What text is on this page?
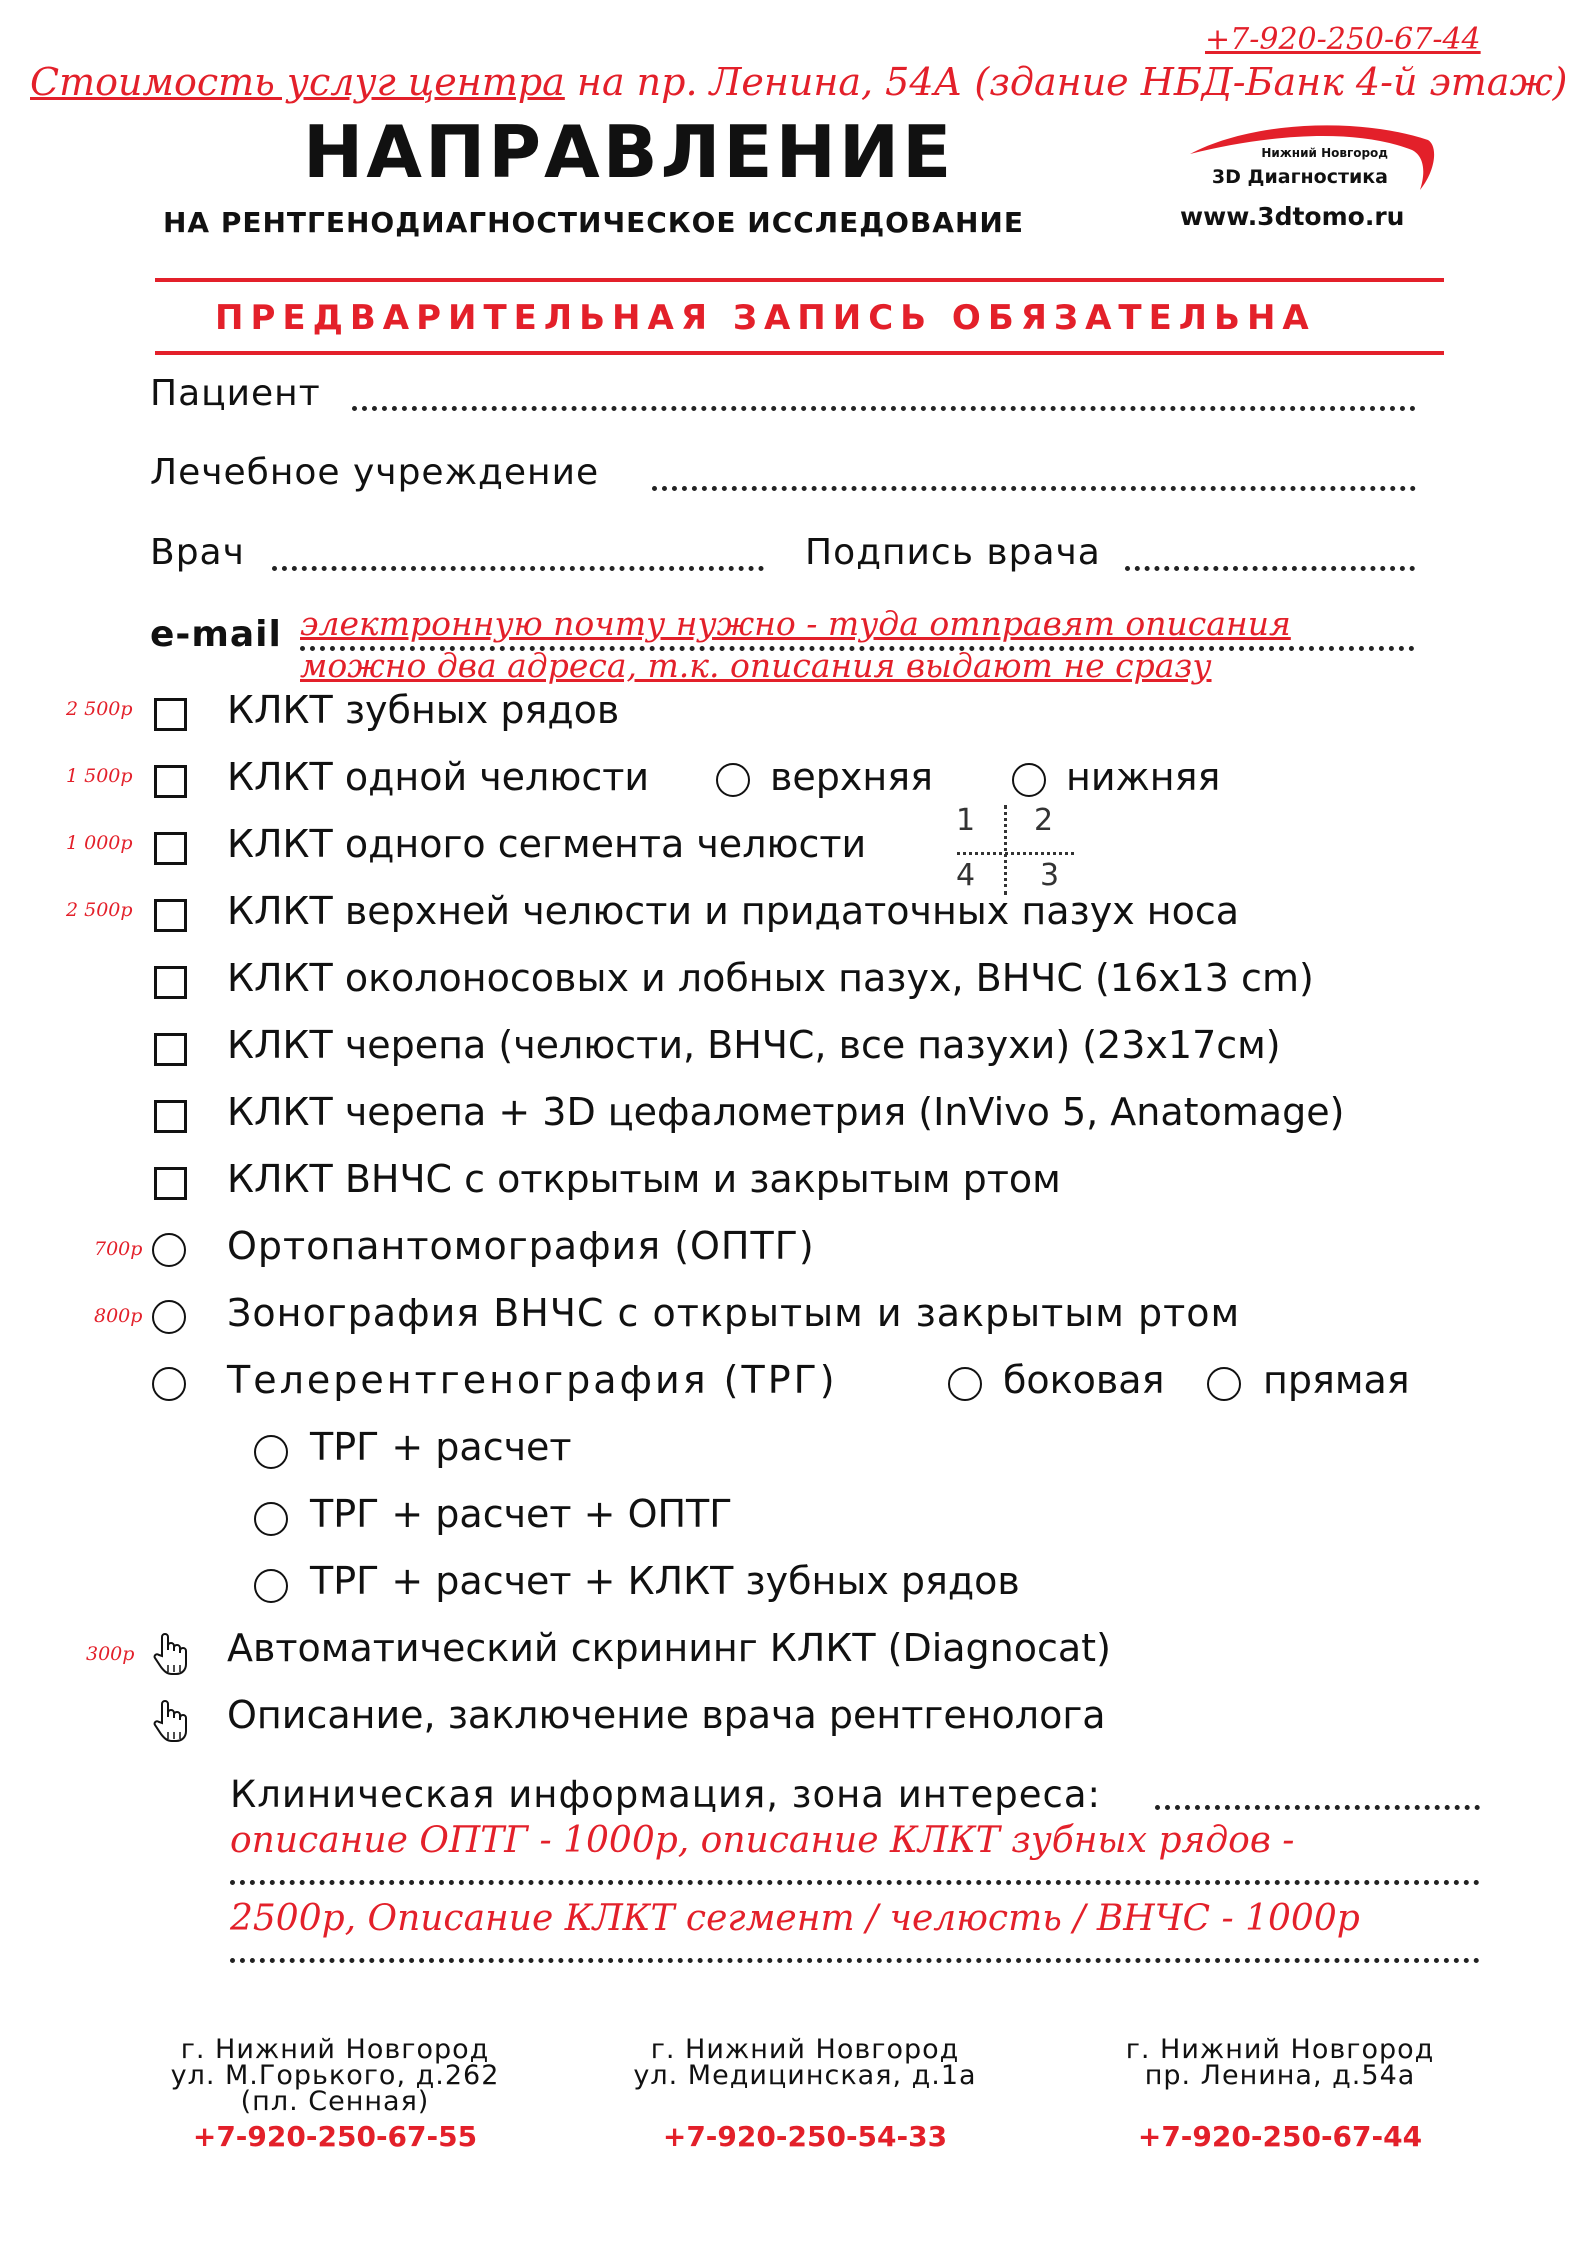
+7-920-250-67-44
Стоимость услуг центра на пр. Ленина, 54А (здание НБД-Банк 4-й этаж)
НАПРАВЛЕНИЕ
НА РЕНТГЕНОДИАГНОСТИЧЕСКОЕ ИССЛЕДОВАНИЕ
Нижний Новгород
3D Диагностика
www.3dtomo.ru
ПРЕДВАРИТЕЛЬНАЯ ЗАПИСЬ ОБЯЗАТЕЛЬНА
Пациент
Лечебное учреждение
Врач	Подпись врача
e-mail электронную почту нужно - туда отправят описания
можно два адреса, т.к. описания выдают не сразу
2 500р КЛКТ зубных рядов
1 500р КЛКТ одной челюсти	верхняя	нижняя
1 000р КЛКТ одного сегмента челюсти
1 2
4 3
2 500р КЛКТ верхней челюсти и придаточных пазух носа
КЛКТ околоносовых и лобных пазух, ВНЧС (16x13 cm)
КЛКТ черепа (челюсти, ВНЧС, все пазухи) (23x17см)
КЛКТ черепа + 3D цефалометрия (InVivo 5, Anatomage)
КЛКТ ВНЧС с открытым и закрытым ртом
700р Ортопантомография (ОПТГ)
800р Зонография ВНЧС с открытым и закрытым ртом
Телерентгенография (ТРГ)	боковая	прямая
ТРГ + расчет
ТРГ + расчет + ОПТГ
ТРГ + расчет + КЛКТ зубных рядов
300р Автоматический скрининг КЛКТ (Diagnocat)
Описание, заключение врача рентгенолога
Клиническая информация, зона интереса:
описание ОПТГ - 1000р, описание КЛКТ зубных рядов -
2500р, Описание КЛКТ сегмент / челюсть / ВНЧС - 1000р
г. Нижний Новгород
ул. М.Горького, д.262
(пл. Сенная)
+7-920-250-67-55
г. Нижний Новгород
ул. Медицинская, д.1а
+7-920-250-54-33
г. Нижний Новгород
пр. Ленина, д.54а
+7-920-250-67-44
